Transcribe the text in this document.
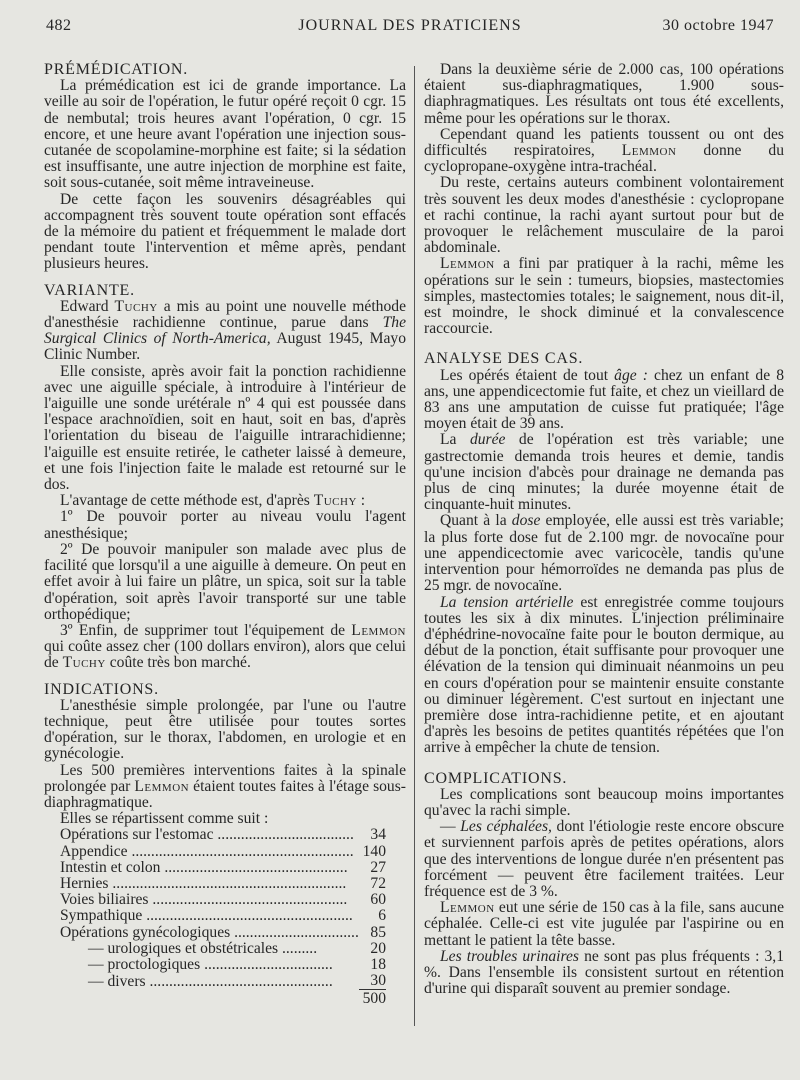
482	JOURNAL DES PRATICIENS	30 octobre 1947

PRÉMÉDICATION.

La prémédication est ici de grande importance. La veille au soir de l'opération, le futur opéré reçoit 0 cgr. 15 de nembutal; trois heures avant l'opération, 0 cgr. 15 encore, et une heure avant l'opération une injection sous-cutanée de scopolamine-morphine est faite; si la sédation est insuffisante, une autre injection de morphine est faite, soit sous-cutanée, soit même intraveineuse.

De cette façon les souvenirs désagréables qui accompagnent très souvent toute opération sont effacés de la mémoire du patient et fréquemment le malade dort pendant toute l'intervention et même après, pendant plusieurs heures.

VARIANTE.

Edward Tuchy a mis au point une nouvelle méthode d'anesthésie rachidienne continue, parue dans The Surgical Clinics of North-America, August 1945, Mayo Clinic Number.

Elle consiste, après avoir fait la ponction rachidienne avec une aiguille spéciale, à introduire à l'intérieur de l'aiguille une sonde urétérale nº 4 qui est poussée dans l'espace arachnoïdien, soit en haut, soit en bas, d'après l'orientation du biseau de l'aiguille intrarachidienne; l'aiguille est ensuite retirée, le catheter laissé à demeure, et une fois l'injection faite le malade est retourné sur le dos.

L'avantage de cette méthode est, d'après Tuchy :

1º De pouvoir porter au niveau voulu l'agent anesthésique;

2º De pouvoir manipuler son malade avec plus de facilité que lorsqu'il a une aiguille à demeure. On peut en effet avoir à lui faire un plâtre, un spica, soit sur la table d'opération, soit après l'avoir transporté sur une table orthopédique;

3º Enfin, de supprimer tout l'équipement de Lemmon qui coûte assez cher (100 dollars environ), alors que celui de Tuchy coûte très bon marché.

INDICATIONS.

L'anesthésie simple prolongée, par l'une ou l'autre technique, peut être utilisée pour toutes sortes d'opération, sur le thorax, l'abdomen, en urologie et en gynécologie.

Les 500 premières interventions faites à la spinale prolongée par Lemmon étaient toutes faites à l'étage sous-diaphragmatique.

Elles se répartissent comme suit :

Opérations sur l'estomac ...................................	34
Appendice .........................................................	140
Intestin et colon ...............................................	27
Hernies ............................................................	72
Voies biliaires ..................................................	60
Sympathique .....................................................	6
Opérations gynécologiques ................................	85
— urologiques et obstétricales .........	20
— proctologiques .................................	18
— divers ...............................................	30
	500

Dans la deuxième série de 2.000 cas, 100 opérations étaient sus-diaphragmatiques, 1.900 sous-diaphragmatiques. Les résultats ont tous été excellents, même pour les opérations sur le thorax.

Cependant quand les patients toussent ou ont des difficultés respiratoires, Lemmon donne du cyclopropane-oxygène intra-trachéal.

Du reste, certains auteurs combinent volontairement très souvent les deux modes d'anesthésie : cyclopropane et rachi continue, la rachi ayant surtout pour but de provoquer le relâchement musculaire de la paroi abdominale.

Lemmon a fini par pratiquer à la rachi, même les opérations sur le sein : tumeurs, biopsies, mastectomies simples, mastectomies totales; le saignement, nous dit-il, est moindre, le shock diminué et la convalescence raccourcie.

ANALYSE DES CAS.

Les opérés étaient de tout âge : chez un enfant de 8 ans, une appendicectomie fut faite, et chez un vieillard de 83 ans une amputation de cuisse fut pratiquée; l'âge moyen était de 39 ans.

La durée de l'opération est très variable; une gastrectomie demanda trois heures et demie, tandis qu'une incision d'abcès pour drainage ne demanda pas plus de cinq minutes; la durée moyenne était de cinquante-huit minutes.

Quant à la dose employée, elle aussi est très variable; la plus forte dose fut de 2.100 mgr. de novocaïne pour une appendicectomie avec varicocèle, tandis qu'une intervention pour hémorroïdes ne demanda pas plus de 25 mgr. de novocaïne.

La tension artérielle est enregistrée comme toujours toutes les six à dix minutes. L'injection préliminaire d'éphédrine-novocaïne faite pour le bouton dermique, au début de la ponction, était suffisante pour provoquer une élévation de la tension qui diminuait néanmoins un peu en cours d'opération pour se maintenir ensuite constante ou diminuer légèrement. C'est surtout en injectant une première dose intra-rachidienne petite, et en ajoutant d'après les besoins de petites quantités répétées que l'on arrive à empêcher la chute de tension.

COMPLICATIONS.

Les complications sont beaucoup moins importantes qu'avec la rachi simple.

— Les céphalées, dont l'étiologie reste encore obscure et surviennent parfois après de petites opérations, alors que des interventions de longue durée n'en présentent pas forcément — peuvent être facilement traitées. Leur fréquence est de 3 %.

Lemmon eut une série de 150 cas à la file, sans aucune céphalée. Celle-ci est vite jugulée par l'aspirine ou en mettant le patient la tête basse.

Les troubles urinaires ne sont pas plus fréquents : 3,1 %. Dans l'ensemble ils consistent surtout en rétention d'urine qui disparaît souvent au premier sondage.
